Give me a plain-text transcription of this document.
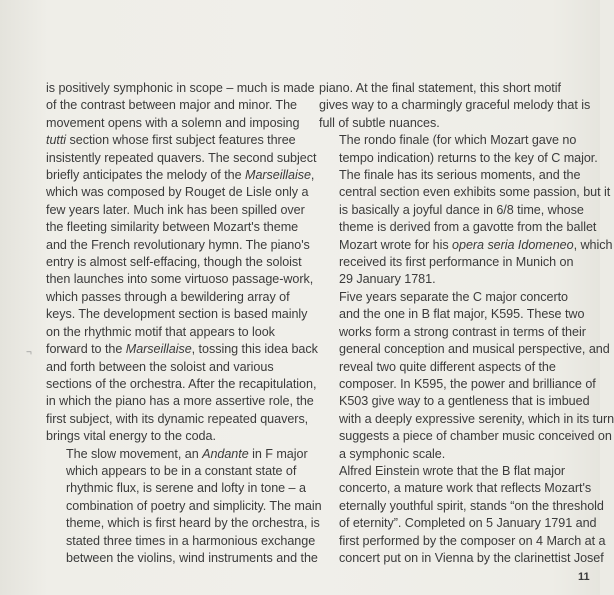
is positively symphonic in scope – much is made
of the contrast between major and minor. The
movement opens with a solemn and imposing
tutti section whose first subject features three
insistently repeated quavers. The second subject
briefly anticipates the melody of the Marseillaise,
which was composed by Rouget de Lisle only a
few years later. Much ink has been spilled over
the fleeting similarity between Mozart's theme
and the French revolutionary hymn. The piano's
entry is almost self-effacing, though the soloist
then launches into some virtuoso passage-work,
which passes through a bewildering array of
keys. The development section is based mainly
on the rhythmic motif that appears to look
forward to the Marseillaise, tossing this idea back
and forth between the soloist and various
sections of the orchestra. After the recapitulation,
in which the piano has a more assertive role, the
first subject, with its dynamic repeated quavers,
brings vital energy to the coda.

The slow movement, an Andante in F major
which appears to be in a constant state of
rhythmic flux, is serene and lofty in tone – a
combination of poetry and simplicity. The main
theme, which is first heard by the orchestra, is
stated three times in a harmonious exchange
between the violins, wind instruments and the

piano. At the final statement, this short motif
gives way to a charmingly graceful melody that is
full of subtle nuances.

The rondo finale (for which Mozart gave no
tempo indication) returns to the key of C major.
The finale has its serious moments, and the
central section even exhibits some passion, but it
is basically a joyful dance in 6/8 time, whose
theme is derived from a gavotte from the ballet
Mozart wrote for his opera seria Idomeneo, which
received its first performance in Munich on
29 January 1781.

Five years separate the C major concerto
and the one in B flat major, K595. These two
works form a strong contrast in terms of their
general conception and musical perspective, and
reveal two quite different aspects of the
composer. In K595, the power and brilliance of
K503 give way to a gentleness that is imbued
with a deeply expressive serenity, which in its turn
suggests a piece of chamber music conceived on
a symphonic scale.

Alfred Einstein wrote that the B flat major
concerto, a mature work that reflects Mozart's
eternally youthful spirit, stands “on the threshold
of eternity”. Completed on 5 January 1791 and
first performed by the composer on 4 March at a
concert put on in Vienna by the clarinettist Josef

¬
11
